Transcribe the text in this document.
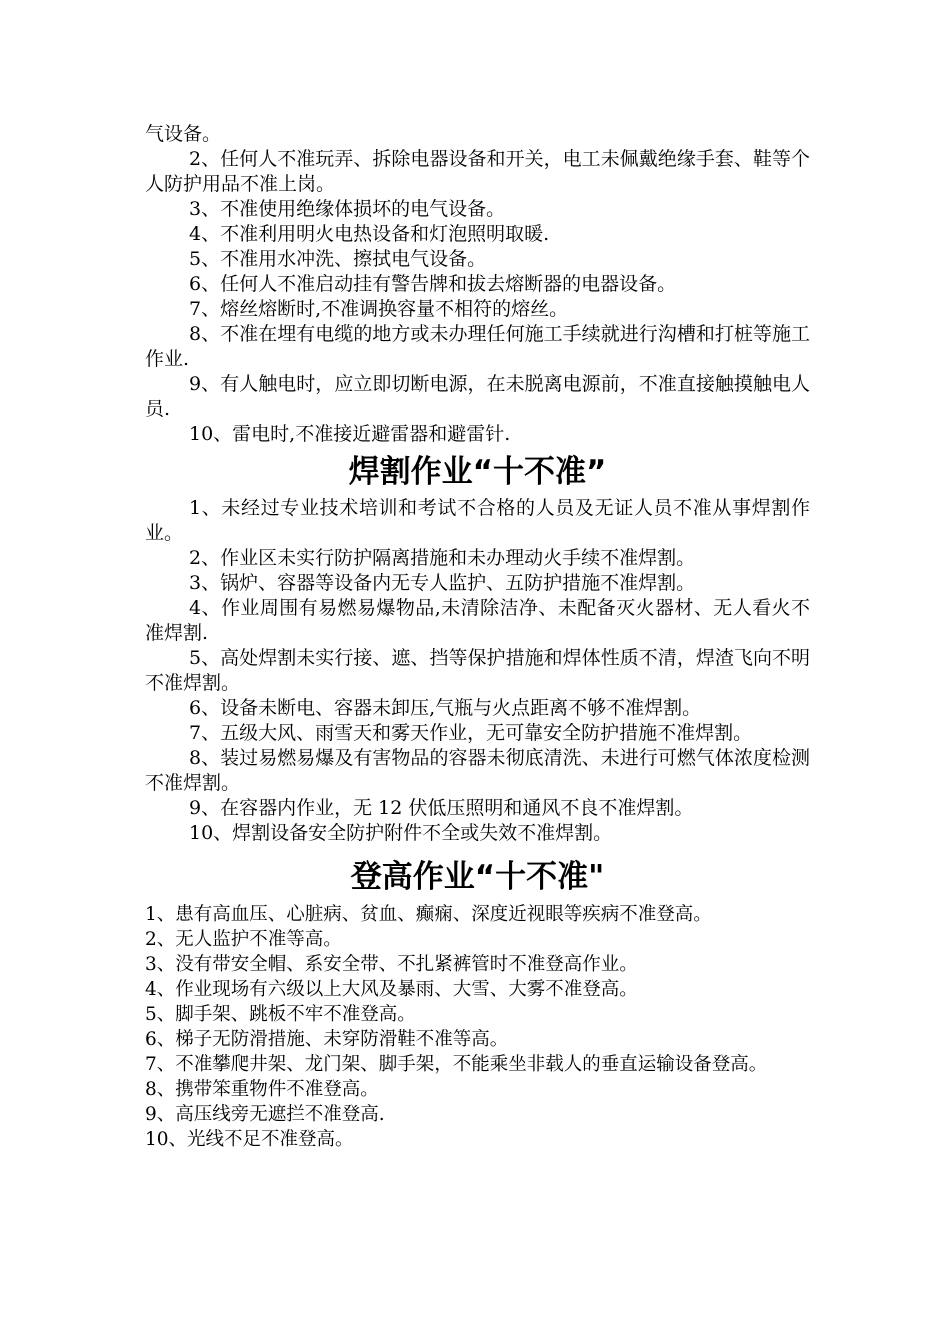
气设备。

2、任何人不准玩弄、拆除电器设备和开关，电工未佩戴绝缘手套、鞋等个人防护用品不准上岗。

3、不准使用绝缘体损坏的电气设备。

4、不准利用明火电热设备和灯泡照明取暖.

5、不准用水冲洗、擦拭电气设备。

6、任何人不准启动挂有警告牌和拔去熔断器的电器设备。

7、熔丝熔断时,不准调换容量不相符的熔丝。

8、不准在埋有电缆的地方或未办理任何施工手续就进行沟槽和打桩等施工作业.

9、有人触电时，应立即切断电源，在未脱离电源前，不准直接触摸触电人员.

10、雷电时,不准接近避雷器和避雷针.

焊割作业“十不准”

1、未经过专业技术培训和考试不合格的人员及无证人员不准从事焊割作业。

2、作业区未实行防护隔离措施和未办理动火手续不准焊割。

3、锅炉、容器等设备内无专人监护、五防护措施不准焊割。

4、作业周围有易燃易爆物品,未清除洁净、未配备灭火器材、无人看火不准焊割.

5、高处焊割未实行接、遮、挡等保护措施和焊体性质不清，焊渣飞向不明不准焊割。

6、设备未断电、容器未卸压,气瓶与火点距离不够不准焊割。

7、五级大风、雨雪天和雾天作业，无可靠安全防护措施不准焊割。

8、装过易燃易爆及有害物品的容器未彻底清洗、未进行可燃气体浓度检测不准焊割。

9、在容器内作业，无 12 伏低压照明和通风不良不准焊割。

10、焊割设备安全防护附件不全或失效不准焊割。

登高作业“十不准"

1、患有高血压、心脏病、贫血、癫痫、深度近视眼等疾病不准登高。

2、无人监护不准等高。

3、没有带安全帽、系安全带、不扎紧裤管时不准登高作业。

4、作业现场有六级以上大风及暴雨、大雪、大雾不准登高。

5、脚手架、跳板不牢不准登高。

6、梯子无防滑措施、未穿防滑鞋不准等高。

7、不准攀爬井架、龙门架、脚手架，不能乘坐非载人的垂直运输设备登高。

8、携带笨重物件不准登高。

9、高压线旁无遮拦不准登高.

10、光线不足不准登高。
